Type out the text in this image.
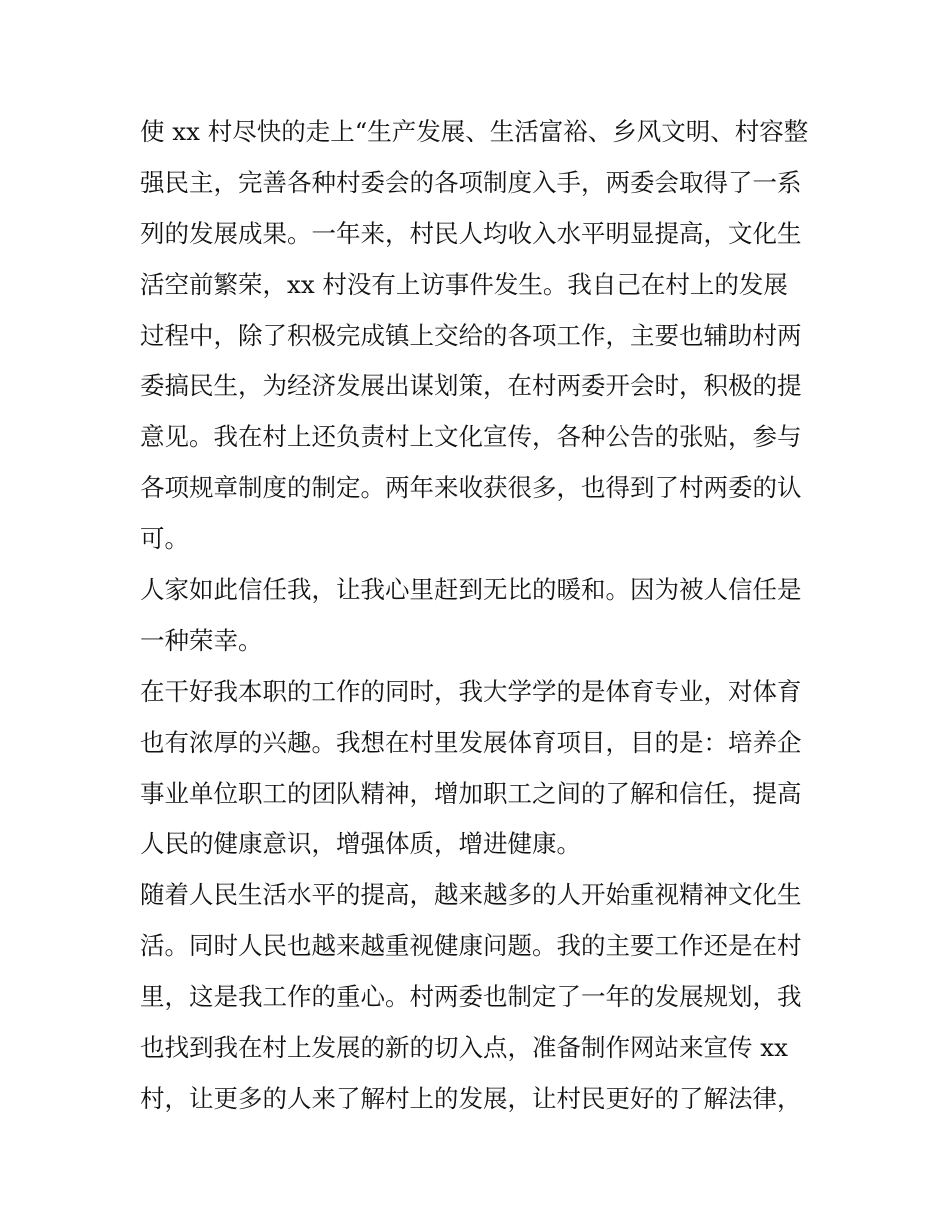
使 xx 村尽快的走上“生产发展、生活富裕、乡风文明、村容整
强民主，完善各种村委会的各项制度入手，两委会取得了一系
列的发展成果。一年来，村民人均收入水平明显提高，文化生
活空前繁荣，xx 村没有上访事件发生。我自己在村上的发展
过程中，除了积极完成镇上交给的各项工作，主要也辅助村两
委搞民生，为经济发展出谋划策，在村两委开会时，积极的提
意见。我在村上还负责村上文化宣传，各种公告的张贴，参与
各项规章制度的制定。两年来收获很多，也得到了村两委的认
可。
人家如此信任我，让我心里赶到无比的暖和。因为被人信任是
一种荣幸。
在干好我本职的工作的同时，我大学学的是体育专业，对体育
也有浓厚的兴趣。我想在村里发展体育项目，目的是：培养企
事业单位职工的团队精神，增加职工之间的了解和信任，提高
人民的健康意识，增强体质，增进健康。
随着人民生活水平的提高，越来越多的人开始重视精神文化生
活。同时人民也越来越重视健康问题。我的主要工作还是在村
里，这是我工作的重心。村两委也制定了一年的发展规划，我
也找到我在村上发展的新的切入点，准备制作网站来宣传 xx
村，让更多的人来了解村上的发展，让村民更好的了解法律，
